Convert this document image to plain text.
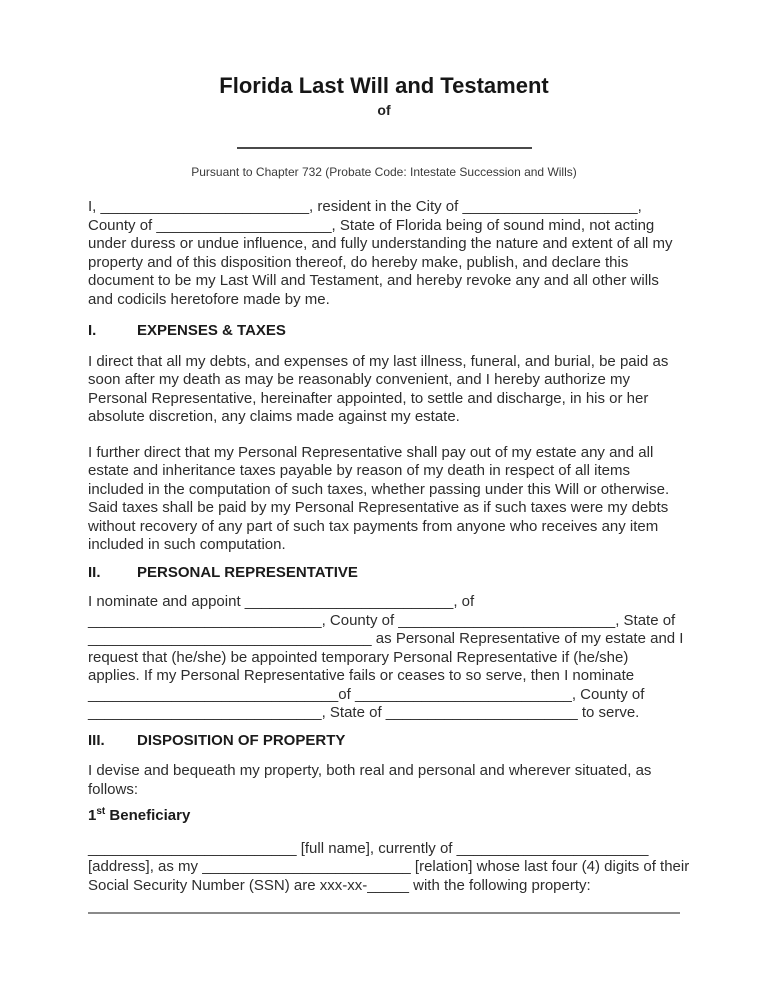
Florida Last Will and Testament
of
Pursuant to Chapter 732 (Probate Code: Intestate Succession and Wills)
I, _________________________, resident in the City of _____________________,
County of _____________________, State of Florida being of sound mind, not acting
under duress or undue influence, and fully understanding the nature and extent of all my
property and of this disposition thereof, do hereby make, publish, and declare this
document to be my Last Will and Testament, and hereby revoke any and all other wills
and codicils heretofore made by me.
I.	EXPENSES & TAXES
I direct that all my debts, and expenses of my last illness, funeral, and burial, be paid as
soon after my death as may be reasonably convenient, and I hereby authorize my
Personal Representative, hereinafter appointed, to settle and discharge, in his or her
absolute discretion, any claims made against my estate.
I further direct that my Personal Representative shall pay out of my estate any and all
estate and inheritance taxes payable by reason of my death in respect of all items
included in the computation of such taxes, whether passing under this Will or otherwise.
Said taxes shall be paid by my Personal Representative as if such taxes were my debts
without recovery of any part of such tax payments from anyone who receives any item
included in such computation.
II. PERSONAL REPRESENTATIVE
I nominate and appoint _________________________, of
____________________________, County of __________________________, State of
__________________________________ as Personal Representative of my estate and I
request that (he/she) be appointed temporary Personal Representative if (he/she)
applies. If my Personal Representative fails or ceases to so serve, then I nominate
______________________________of __________________________, County of
____________________________, State of _______________________ to serve.
III. DISPOSITION OF PROPERTY
I devise and bequeath my property, both real and personal and wherever situated, as
follows:
1st Beneficiary
_________________________ [full name], currently of _______________________
[address], as my _________________________ [relation] whose last four (4) digits of their
Social Security Number (SSN) are xxx-xx-_____ with the following property:
